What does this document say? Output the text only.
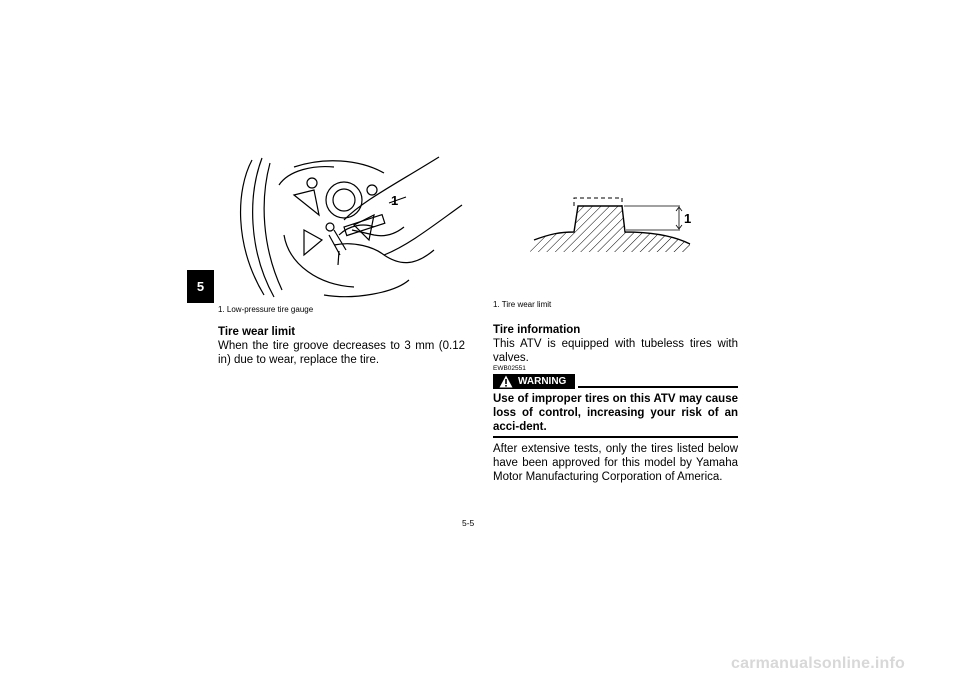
5
1
1
1. Low-pressure tire gauge
1. Tire wear limit
Tire wear limit
When the tire groove decreases to 3 mm (0.12 in) due to wear, replace the tire.
Tire information
This ATV is equipped with tubeless tires with valves.
EWB02551
WARNING
Use of improper tires on this ATV may cause loss of control, increasing your risk of an acci-dent.
After extensive tests, only the tires listed below have been approved for this model by Yamaha Motor Manufacturing Corporation of America.
5-5
carmanualsonline.info
